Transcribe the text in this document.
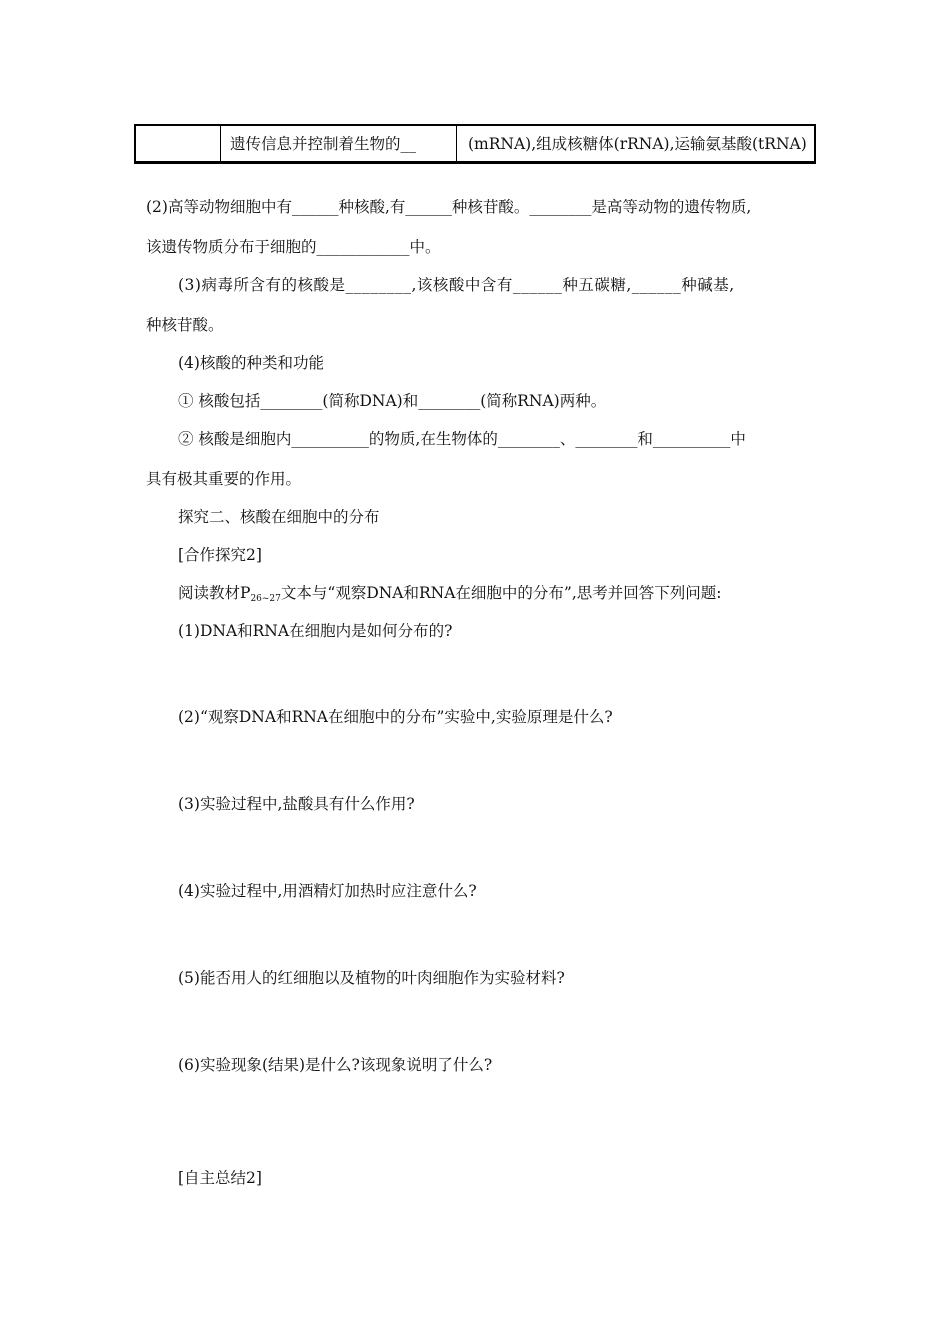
遗传信息并控制着生物的__	(mRNA),组成核糖体(rRNA),运输氨基酸(tRNA)
(2)高等动物细胞中有______种核酸,有______种核苷酸。________是高等动物的遗传物质,
该遗传物质分布于细胞的____________中。
(3)病毒所含有的核酸是________,该核酸中含有______种五碳糖,______种碱基,
种核苷酸。
(4)核酸的种类和功能
① 核酸包括________(简称DNA)和________(简称RNA)两种。
② 核酸是细胞内__________的物质,在生物体的________、________和__________中
具有极其重要的作用。
探究二、核酸在细胞中的分布
[合作探究2]
阅读教材$P_{26\sim 27}$文本与“观察DNA和RNA在细胞中的分布”,思考并回答下列问题:
(1)DNA和RNA在细胞内是如何分布的?
(2)“观察DNA和RNA在细胞中的分布”实验中,实验原理是什么?
(3)实验过程中,盐酸具有什么作用?
(4)实验过程中,用酒精灯加热时应注意什么?
(5)能否用人的红细胞以及植物的叶肉细胞作为实验材料?
(6)实验现象(结果)是什么?该现象说明了什么?
[自主总结2]
